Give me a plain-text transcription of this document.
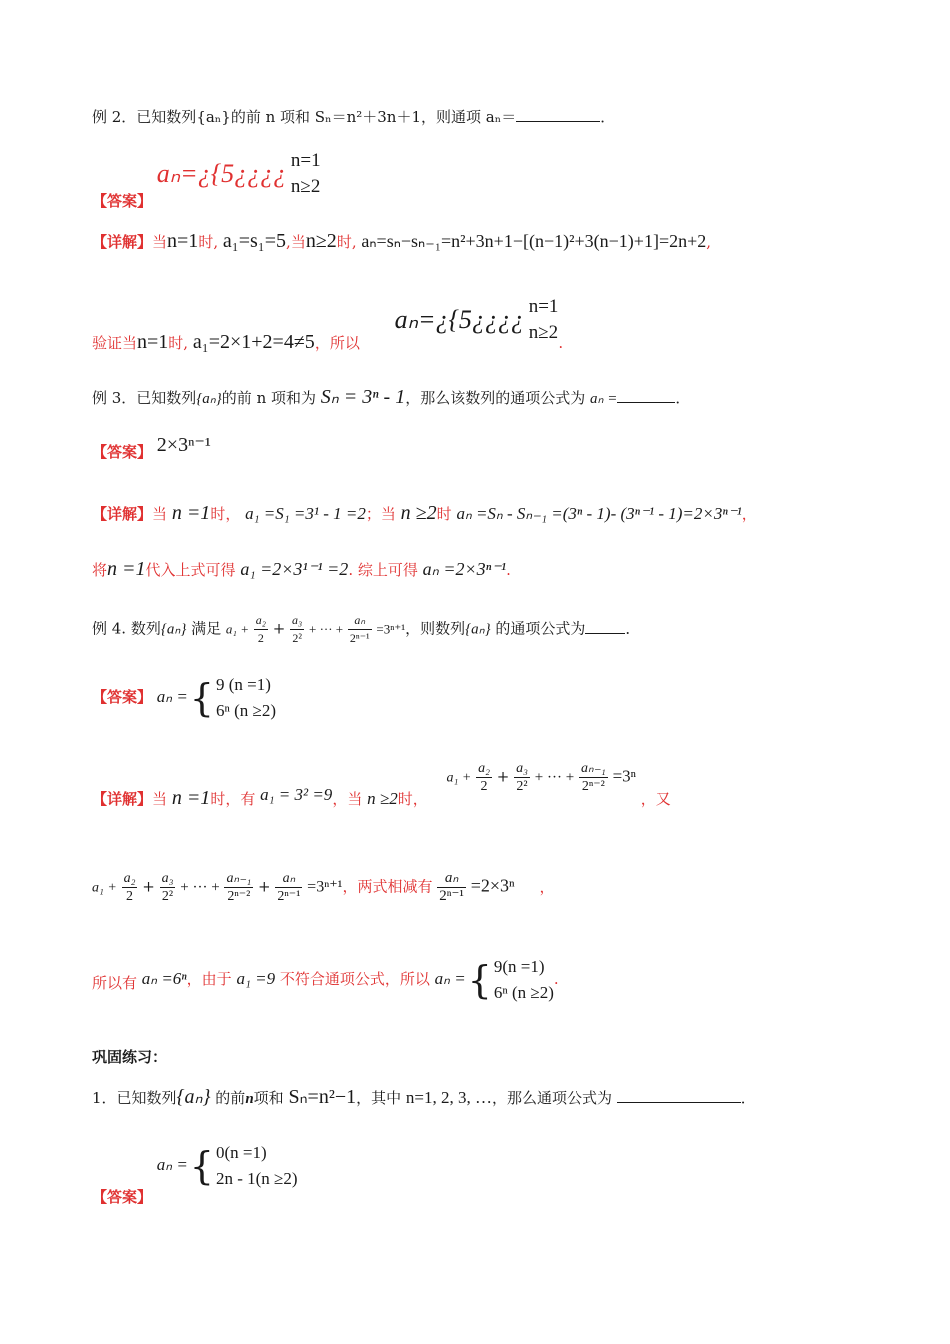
例 2．已知数列{aₙ}的前 n 项和 Sₙ＝n²＋3n＋1，则通项 aₙ＝	．
【答案】 aₙ=¿{5¿¿¿¿ n=1
n≥2
【详解】当n=1时, a₁=s₁=5,当n≥2时, aₙ=sₙ−sₙ₋₁=n²+3n+1−[(n−1)²+3(n−1)+1]=2n+2,
验证当n=1时, a₁=2×1+2=4≠5，所以 aₙ=¿{5¿¿¿¿ n=1
n≥2 .
例 3．已知数列{aₙ}的前 n 项和为 Sₙ = 3ⁿ - 1，那么该数列的通项公式为 aₙ =	．
【答案】 2×3ⁿ⁻¹
【详解】当 n =1时， a₁ =S₁ =3¹ - 1 =2；当 n ≥2时 aₙ =Sₙ - Sₙ₋₁ =(3ⁿ - 1)- (3ⁿ⁻¹ - 1)=2×3ⁿ⁻¹，
将n =1代入上式可得 a₁ =2×3¹⁻¹ =2. 综上可得 aₙ =2×3ⁿ⁻¹.
例 4. 数列{aₙ} 满足 $a_1 + \frac{\text{a₂}}{2} + \frac{\text{a₃}}{\text{2²}}$ + ··· + $\frac{\text{aₙ}}{\text{2ⁿ⁻¹}} =3^{n+1}$，则数列{aₙ} 的通项公式为	．
【答案】 aₙ ={ 9 (n =1)
6ⁿ (n ≥2)
【详解】当 n =1时，有 a₁ = 3² =9，当 n ≥2时， $a_1 + \frac{\text{a₂}}{2} + \frac{\text{a₃}}{\text{2²}}$ + ··· + $\frac{\text{aₙ₋₁}}{\text{2ⁿ⁻²}} =3^n$ ，又
$a_1 + \frac{\text{a₂}}{2} + \frac{\text{a₃}}{\text{2²}}$ + ··· + $\frac{\text{aₙ₋₁}}{\text{2ⁿ⁻²}} + \frac{\text{aₙ}}{\text{2ⁿ⁻¹}} =3^{n+1}$，两式相减有 $\frac{\text{aₙ}}{\text{2ⁿ⁻¹}} =2\times 3^n$ ，
所以有 aₙ =6ⁿ，由于 a₁ =9 不符合通项公式，所以 aₙ ={ 9(n =1)
6ⁿ (n ≥2)
.
巩固练习：
1．已知数列{aₙ} 的前n项和 Sₙ=n²−1，其中 n=1, 2, 3, …，那么通项公式为	．
【答案】 aₙ ={ 0(n =1)
2n - 1(n ≥2)
